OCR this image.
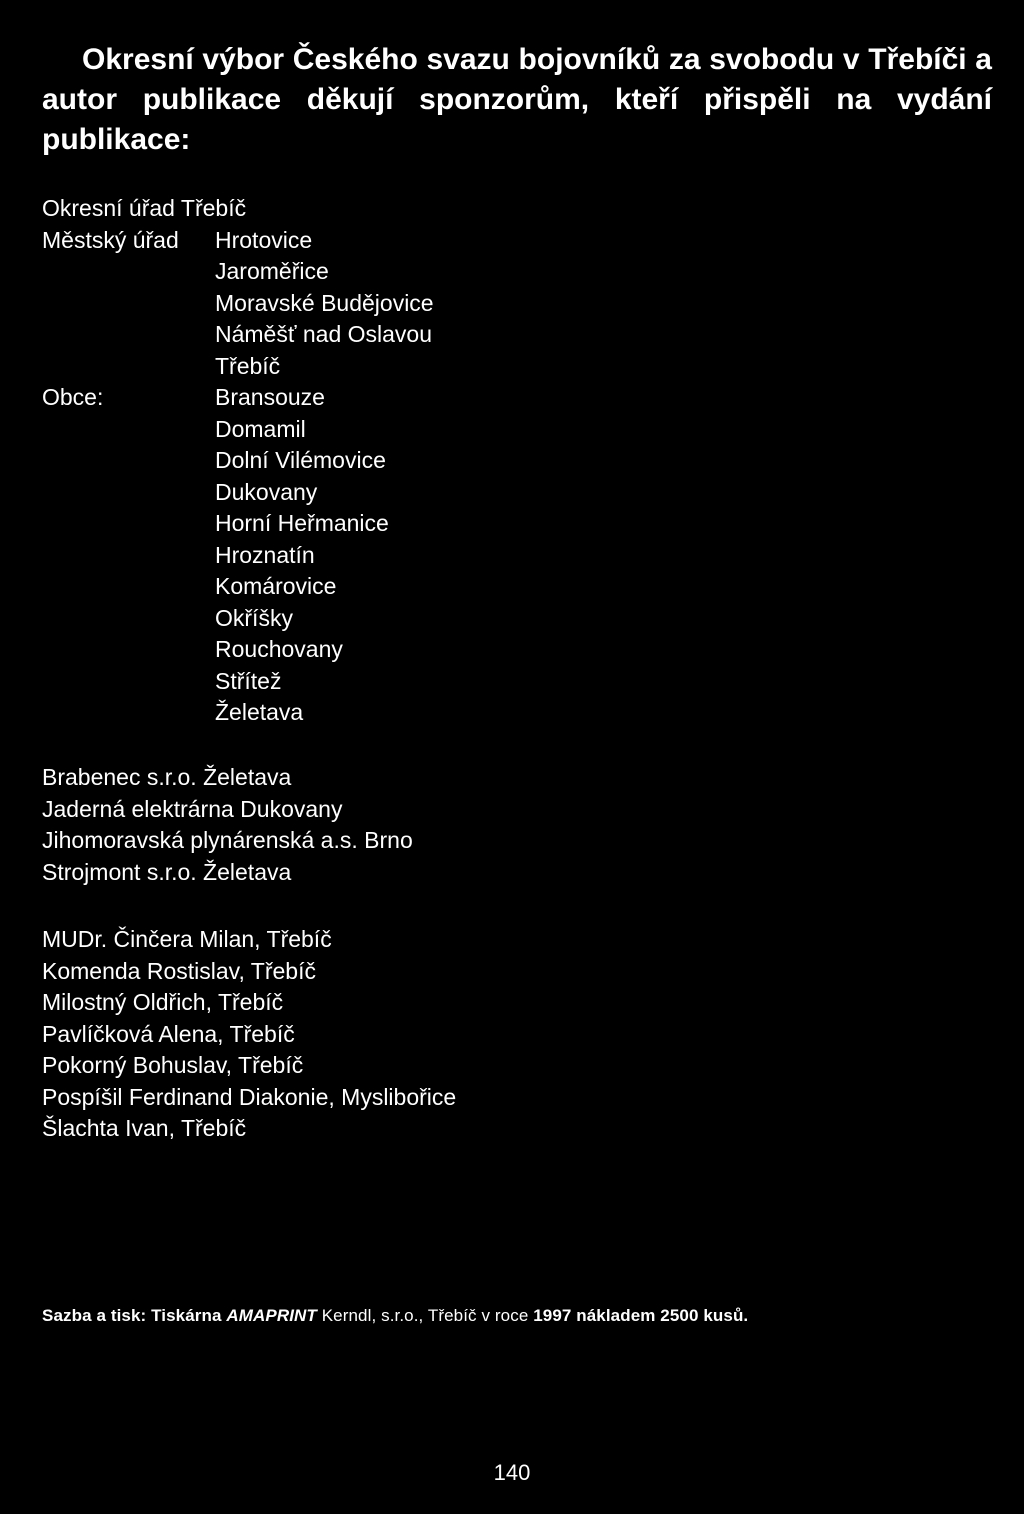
Okresní výbor Českého svazu bojovníků za svobodu v Třebíči a autor publikace děkují sponzorům, kteří přispěli na vydání publikace:

Okresní úřad Třebíč
Městský úřad	Hrotovice
Jaroměřice
Moravské Budějovice
Náměšť nad Oslavou
Třebíč
Obce:	Bransouze
Domamil
Dolní Vilémovice
Dukovany
Horní Heřmanice
Hroznatín
Komárovice
Okříšky
Rouchovany
Střítež
Želetava
Brabenec s.r.o. Želetava
Jaderná elektrárna Dukovany
Jihomoravská plynárenská a.s. Brno
Strojmont s.r.o. Želetava
MUDr. Činčera Milan, Třebíč
Komenda Rostislav, Třebíč
Milostný Oldřich, Třebíč
Pavlíčková Alena, Třebíč
Pokorný Bohuslav, Třebíč
Pospíšil Ferdinand Diakonie, Myslibořice
Šlachta Ivan, Třebíč
Sazba a tisk: Tiskárna AMAPRINT Kerndl, s.r.o., Třebíč v roce 1997 nákladem 2500 kusů.
140
